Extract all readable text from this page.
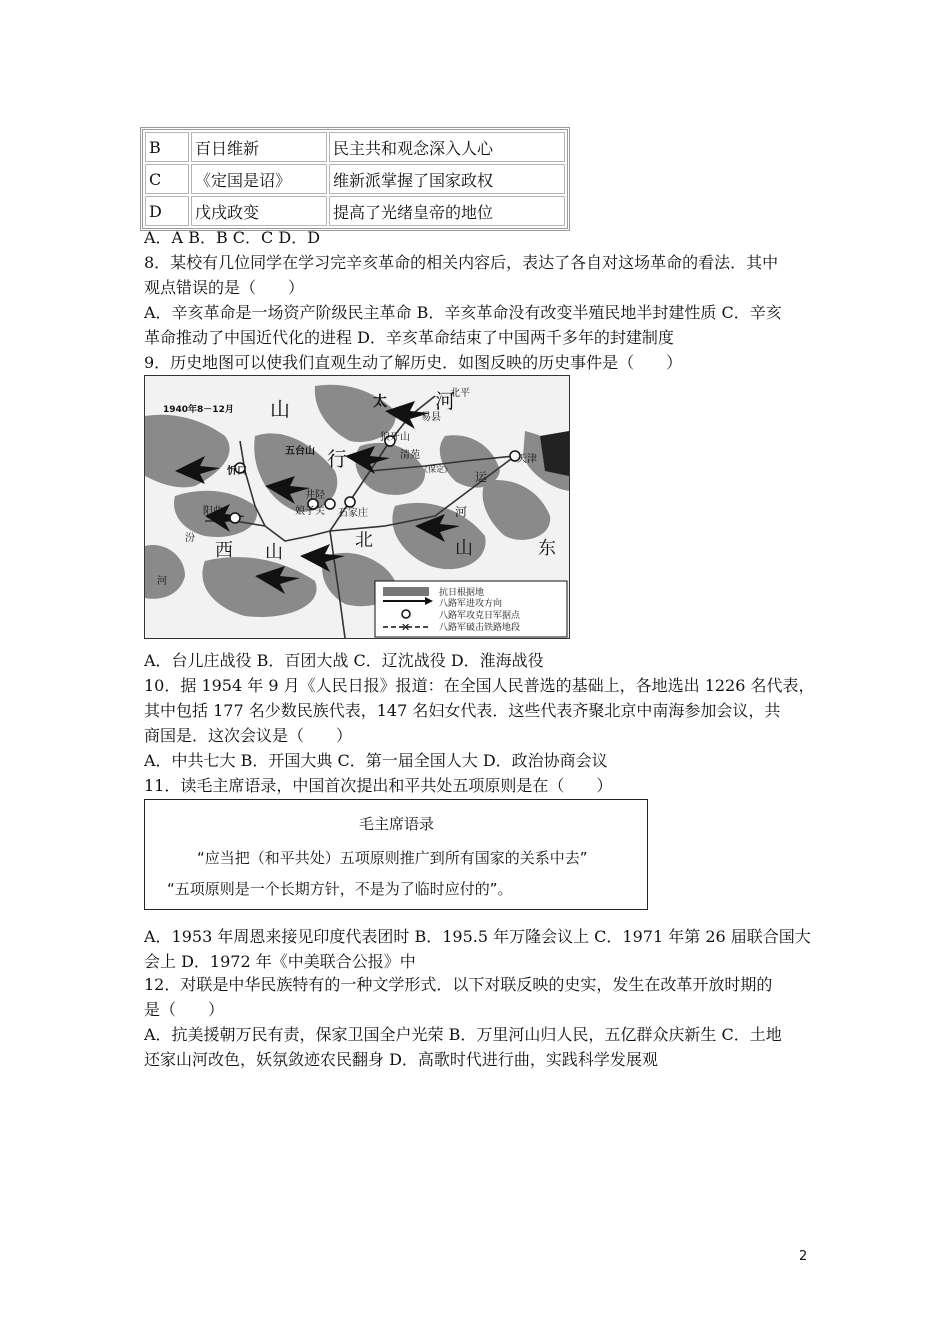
B	百日维新	民主共和观念深入人心
C	《定国是诏》	维新派掌握了国家政权
D	戊戌政变	提高了光绪皇帝的地位
A．A B．B C．C D．D
8．某校有几位同学在学习完辛亥革命的相关内容后，表达了各自对这场革命的看法．其中
观点错误的是（　　）
A．辛亥革命是一场资产阶级民主革命 B．辛亥革命没有改变半殖民地半封建性质 C．辛亥
革命推动了中国近代化的进程 D．辛亥革命结束了中国两千多年的封建制度
9．历史地图可以使我们直观生动了解历史．如图反映的历史事件是（　　）
1940年8－12月 山	太 河
易县
北平
五台山
狼牙山
行	清苑
《保定》
天津
忻口
井陉
娘子关 石家庄
阳曲
西 山
北	山	东
运
河
汾
河
✕
抗日根据地
八路军进攻方向
八路军攻克日军据点
八路军破击铁路地段
A．台儿庄战役 B．百团大战 C．辽沈战役 D．淮海战役
10．据 1954 年 9 月《人民日报》报道：在全国人民普选的基础上，各地选出 1226 名代表，
其中包括 177 名少数民族代表，147 名妇女代表．这些代表齐聚北京中南海参加会议，共
商国是．这次会议是（　　）
A．中共七大 B．开国大典 C．第一届全国人大 D．政治协商会议
11．读毛主席语录，中国首次提出和平共处五项原则是在（　　）
毛主席语录
“应当把（和平共处）五项原则推广到所有国家的关系中去”
“五项原则是一个长期方针，不是为了临时应付的”。
A．1953 年周恩来接见印度代表团时 B．195.5 年万隆会议上 C．1971 年第 26 届联合国大
会上 D．1972 年《中美联合公报》中
12．对联是中华民族特有的一种文学形式．以下对联反映的史实，发生在改革开放时期的
是（　　）
A．抗美援朝万民有责，保家卫国全户光荣 B．万里河山归人民，五亿群众庆新生 C．土地
还家山河改色，妖氛敛迹农民翻身 D．高歌时代进行曲，实践科学发展观
2
